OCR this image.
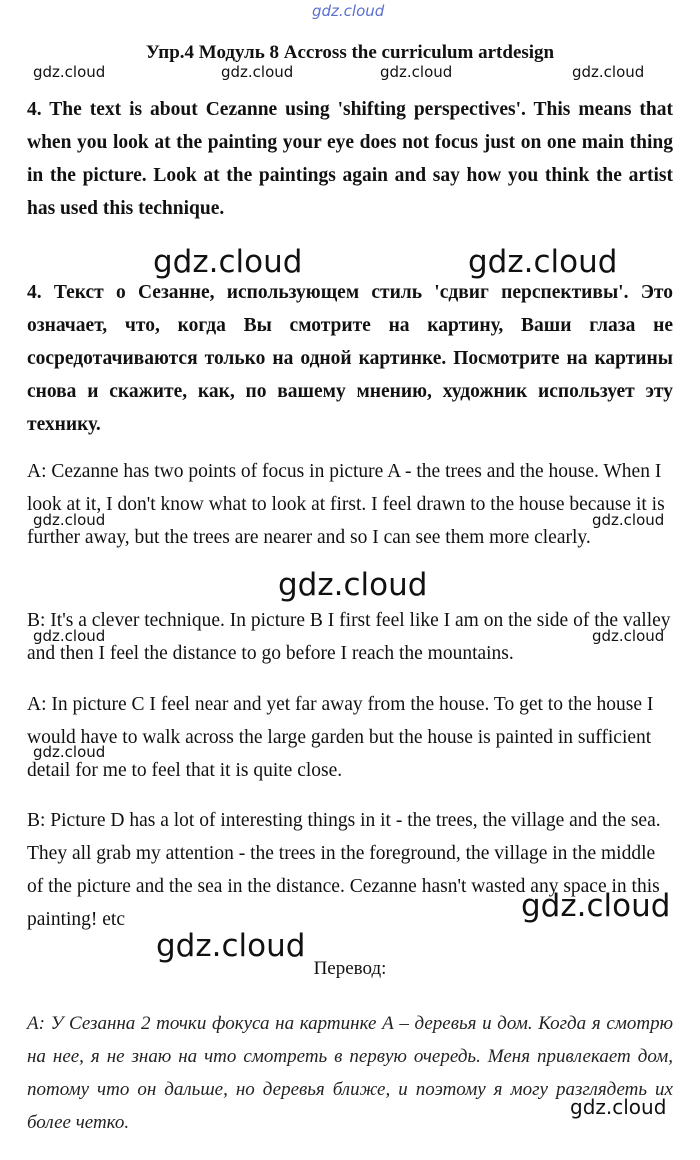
gdz.cloud
Упр.4 Модуль 8 Accross the curriculum artdesign
gdz.cloud	gdz.cloud	gdz.cloud	gdz.cloud
4. The text is about Cezanne using 'shifting perspectives'. This means that when you look at the painting your eye does not focus just on one main thing in the picture. Look at the paintings again and say how you think the artist has used this technique.
gdz.cloud	gdz.cloud
4. Текст о Сезанне, использующем стиль 'сдвиг перспективы'. Это означает, что, когда Вы смотрите на картину, Ваши глаза не сосредотачиваются только на одной картинке. Посмотрите на картины снова и скажите, как, по вашему мнению, художник использует эту технику.
A: Cezanne has two points of focus in picture A - the trees and the house. When I look at it, I don't know what to look at first. I feel drawn to the house because it is further away, but the trees are nearer and so I can see them more clearly.
gdz.cloud	gdz.cloud
gdz.cloud
B: It's a clever technique. In picture B I first feel like I am on the side of the valley and then I feel the distance to go before I reach the mountains.
gdz.cloud	gdz.cloud
A: In picture C I feel near and yet far away from the house. To get to the house I would have to walk across the large garden but the house is painted in sufficient detail for me to feel that it is quite close.
gdz.cloud
B: Picture D has a lot of interesting things in it - the trees, the village and the sea. They all grab my attention - the trees in the foreground, the village in the middle of the picture and the sea in the distance. Cezanne hasn't wasted any space in this painting! etc	gdz.cloud
gdz.cloud
Перевод:
А: У Сезанна 2 точки фокуса на картинке А – деревья и дом. Когда я смотрю на нее, я не знаю на что смотреть в первую очередь. Меня привлекает дом, потому что он дальше, но деревья ближе, и поэтому я могу разглядеть их более четко.
gdz.cloud
